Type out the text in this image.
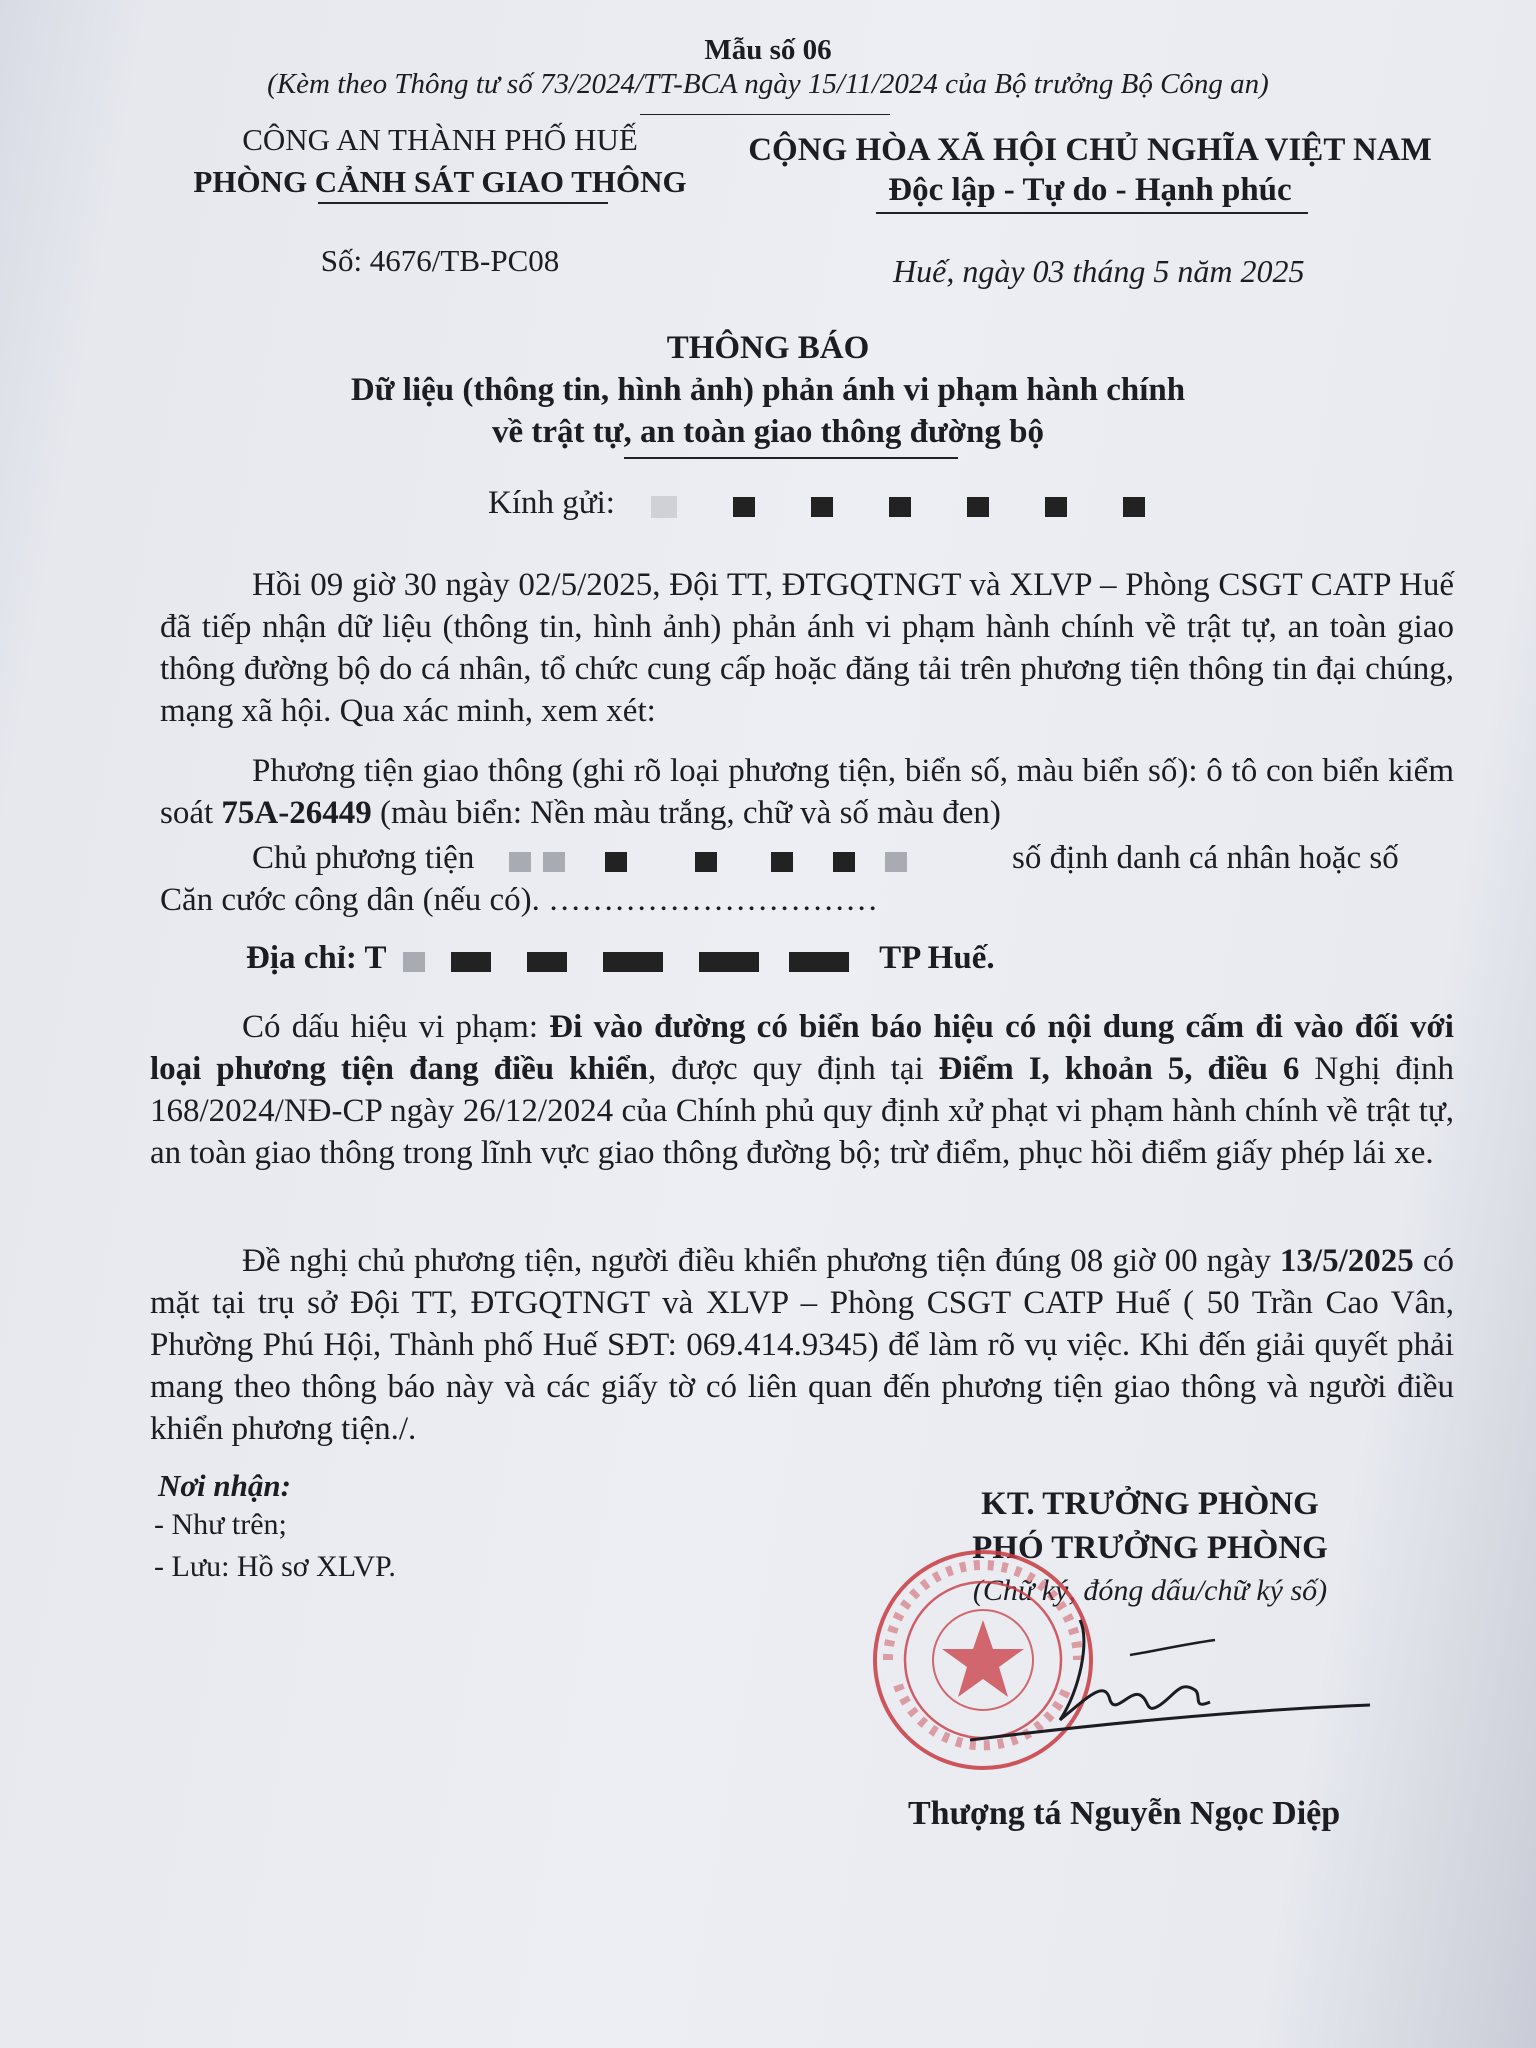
Mẫu số 06
(Kèm theo Thông tư số 73/2024/TT-BCA ngày 15/11/2024 của Bộ trưởng Bộ Công an)
CÔNG AN THÀNH PHỐ HUẾ
PHÒNG CẢNH SÁT GIAO THÔNG
Số: 4676/TB-PC08
CỘNG HÒA XÃ HỘI CHỦ NGHĨA VIỆT NAM
Độc lập - Tự do - Hạnh phúc
Huế, ngày 03 tháng 5 năm 2025
THÔNG BÁO
Dữ liệu (thông tin, hình ảnh) phản ánh vi phạm hành chính
về trật tự, an toàn giao thông đường bộ
Kính gửi:

Hồi 09 giờ 30 ngày 02/5/2025, Đội TT, ĐTGQTNGT và XLVP – Phòng CSGT CATP Huế đã tiếp nhận dữ liệu (thông tin, hình ảnh) phản ánh vi phạm hành chính về trật tự, an toàn giao thông đường bộ do cá nhân, tổ chức cung cấp hoặc đăng tải trên phương tiện thông tin đại chúng, mạng xã hội. Qua xác minh, xem xét:

Phương tiện giao thông (ghi rõ loại phương tiện, biển số, màu biển số): ô tô con biển kiểm soát 75A-26449 (màu biển: Nền màu trắng, chữ và số màu đen)

Chủ phương tiện	số định danh cá nhân hoặc số
Căn cước công dân (nếu có). …………………………
Địa chỉ: T	TP Huế.

Có dấu hiệu vi phạm: Đi vào đường có biển báo hiệu có nội dung cấm đi vào đối với loại phương tiện đang điều khiển, được quy định tại Điểm I, khoản 5, điều 6 Nghị định 168/2024/NĐ-CP ngày 26/12/2024 của Chính phủ quy định xử phạt vi phạm hành chính về trật tự, an toàn giao thông trong lĩnh vực giao thông đường bộ; trừ điểm, phục hồi điểm giấy phép lái xe.

Đề nghị chủ phương tiện, người điều khiển phương tiện đúng 08 giờ 00 ngày 13/5/2025 có mặt tại trụ sở Đội TT, ĐTGQTNGT và XLVP – Phòng CSGT CATP Huế ( 50 Trần Cao Vân, Phường Phú Hội, Thành phố Huế SĐT: 069.414.9345) để làm rõ vụ việc. Khi đến giải quyết phải mang theo thông báo này và các giấy tờ có liên quan đến phương tiện giao thông và người điều khiển phương tiện./.

Nơi nhận:
- Như trên;
- Lưu: Hồ sơ XLVP.
KT. TRƯỞNG PHÒNG
PHÓ TRƯỞNG PHÒNG
(Chữ ký, đóng dấu/chữ ký số)
Thượng tá Nguyễn Ngọc Diệp
